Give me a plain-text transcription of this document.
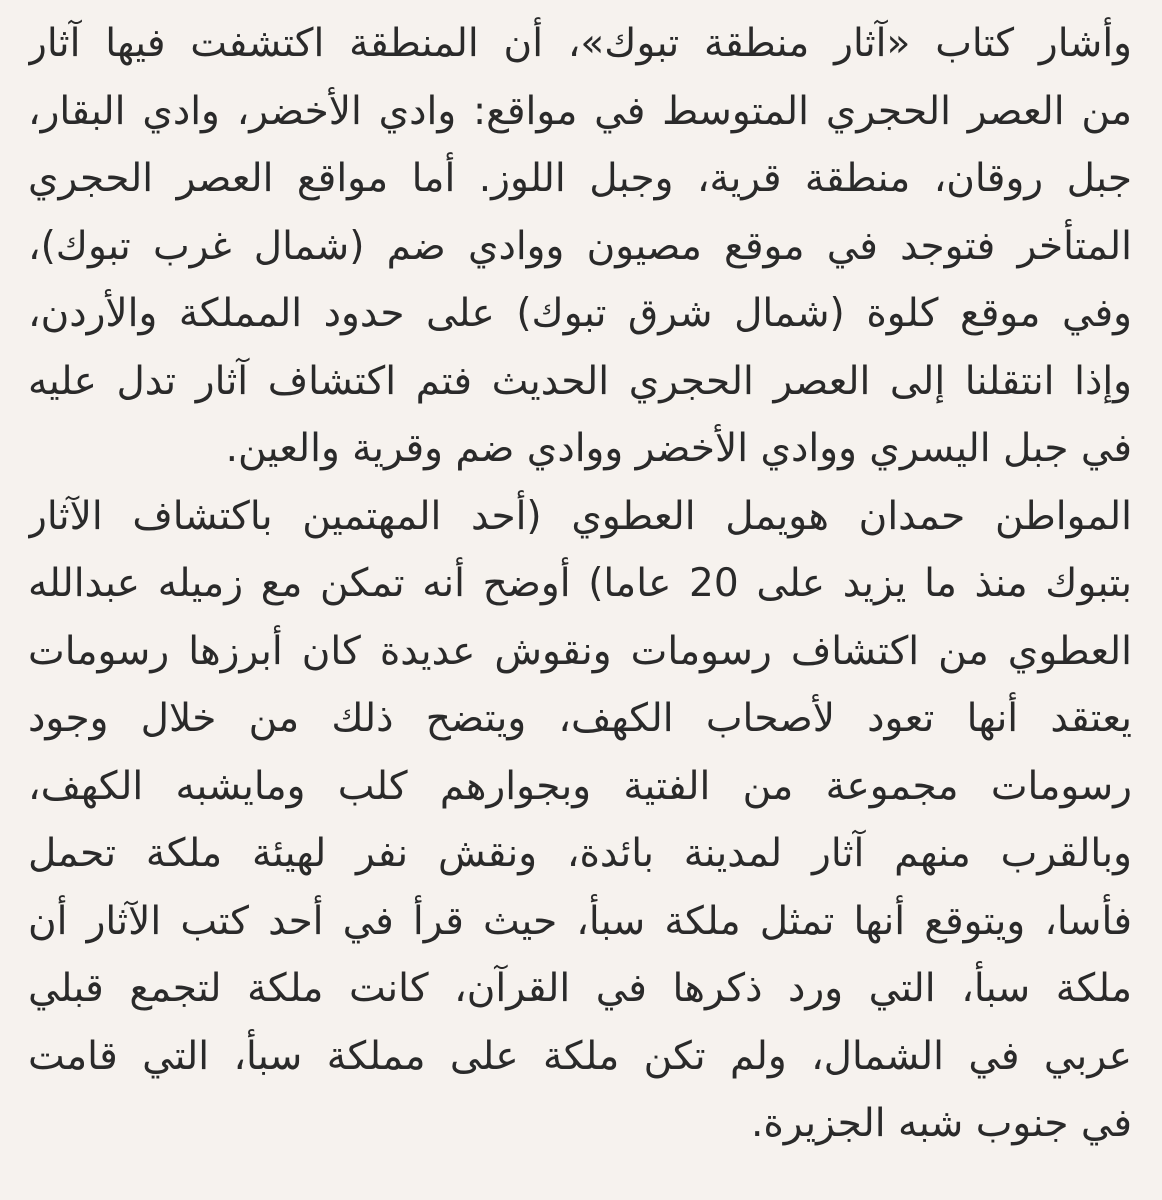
وأشار كتاب «آثار منطقة تبوك»، أن المنطقة اكتشفت فيها آثار
من العصر الحجري المتوسط في مواقع: وادي الأخضر، وادي البقار،
جبل روقان، منطقة قرية، وجبل اللوز. أما مواقع العصر الحجري
المتأخر فتوجد في موقع مصيون ووادي ضم (شمال غرب تبوك)،
وفي موقع كلوة (شمال شرق تبوك) على حدود المملكة والأردن،
وإذا انتقلنا إلى العصر الحجري الحديث فتم اكتشاف آثار تدل عليه
في جبل اليسري ووادي الأخضر ووادي ضم وقرية والعين.
المواطن حمدان هويمل العطوي (أحد المهتمين باكتشاف الآثار
بتبوك منذ ما يزيد على 20 عاما) أوضح أنه تمكن مع زميله عبدالله
العطوي من اكتشاف رسومات ونقوش عديدة كان أبرزها رسومات
يعتقد أنها تعود لأصحاب الكهف، ويتضح ذلك من خلال وجود
رسومات مجموعة من الفتية وبجوارهم كلب ومايشبه الكهف،
وبالقرب منهم آثار لمدينة بائدة، ونقش نفر لهيئة ملكة تحمل
فأسا، ويتوقع أنها تمثل ملكة سبأ، حيث قرأ في أحد كتب الآثار أن
ملكة سبأ، التي ورد ذكرها في القرآن، كانت ملكة لتجمع قبلي
عربي في الشمال، ولم تكن ملكة على مملكة سبأ، التي قامت
في جنوب شبه الجزيرة.
